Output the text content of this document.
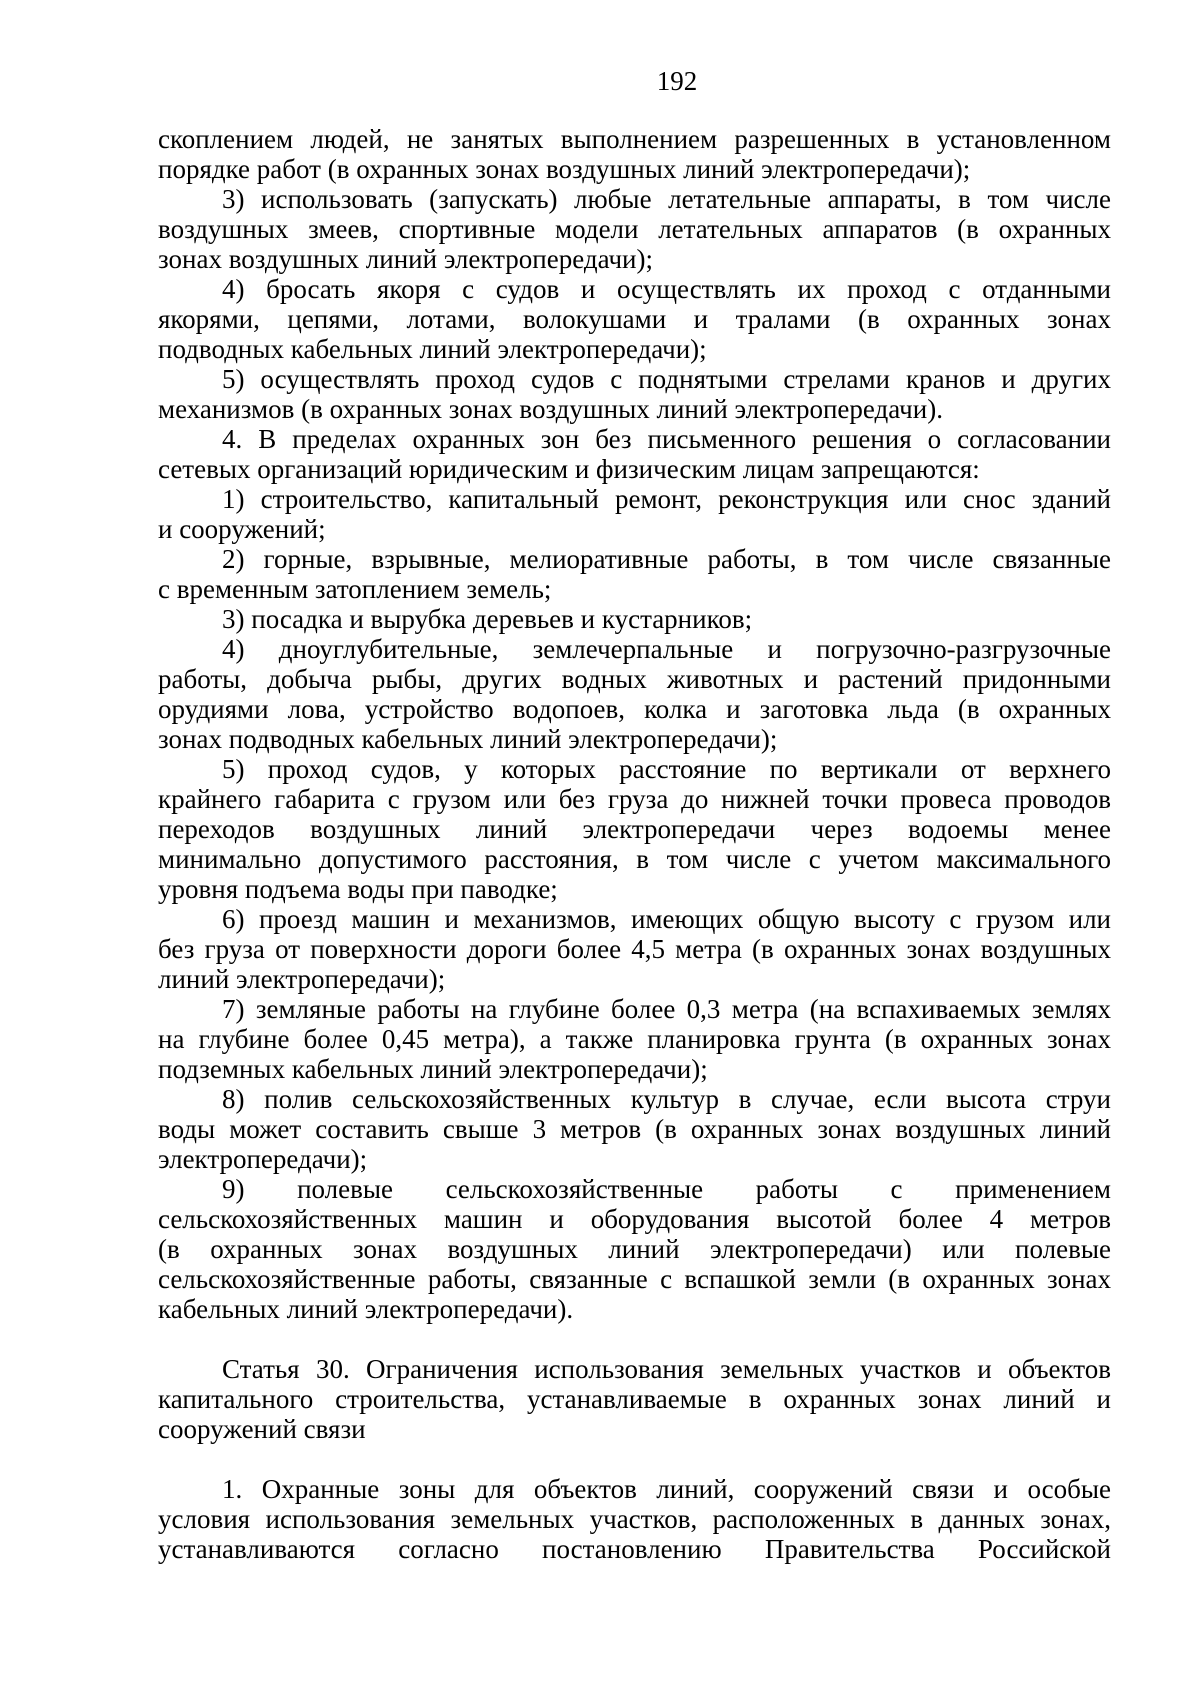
192
скоплением людей, не занятых выполнением разрешенных в установленном
порядке работ (в охранных зонах воздушных линий электропередачи);
3) использовать (запускать) любые летательные аппараты, в том числе
воздушных змеев, спортивные модели летательных аппаратов (в охранных
зонах воздушных линий электропередачи);
4) бросать якоря с судов и осуществлять их проход с отданными
якорями, цепями, лотами, волокушами и тралами (в охранных зонах
подводных кабельных линий электропередачи);
5) осуществлять проход судов с поднятыми стрелами кранов и других
механизмов (в охранных зонах воздушных линий электропередачи).
4. В пределах охранных зон без письменного решения о согласовании
сетевых организаций юридическим и физическим лицам запрещаются:
1) строительство, капитальный ремонт, реконструкция или снос зданий
и сооружений;
2) горные, взрывные, мелиоративные работы, в том числе связанные
с временным затоплением земель;
3) посадка и вырубка деревьев и кустарников;
4) дноуглубительные, землечерпальные и погрузочно-разгрузочные
работы, добыча рыбы, других водных животных и растений придонными
орудиями лова, устройство водопоев, колка и заготовка льда (в охранных
зонах подводных кабельных линий электропередачи);
5) проход судов, у которых расстояние по вертикали от верхнего
крайнего габарита с грузом или без груза до нижней точки провеса проводов
переходов воздушных линий электропередачи через водоемы менее
минимально допустимого расстояния, в том числе с учетом максимального
уровня подъема воды при паводке;
6) проезд машин и механизмов, имеющих общую высоту с грузом или
без груза от поверхности дороги более 4,5 метра (в охранных зонах воздушных
линий электропередачи);
7) земляные работы на глубине более 0,3 метра (на вспахиваемых землях
на глубине более 0,45 метра), а также планировка грунта (в охранных зонах
подземных кабельных линий электропередачи);
8) полив сельскохозяйственных культур в случае, если высота струи
воды может составить свыше 3 метров (в охранных зонах воздушных линий
электропередачи);
9) полевые сельскохозяйственные работы с применением
сельскохозяйственных машин и оборудования высотой более 4 метров
(в охранных зонах воздушных линий электропередачи) или полевые
сельскохозяйственные работы, связанные с вспашкой земли (в охранных зонах
кабельных линий электропередачи).
Статья 30. Ограничения использования земельных участков и объектов
капитального строительства, устанавливаемые в охранных зонах линий и
сооружений связи
1. Охранные зоны для объектов линий, сооружений связи и особые
условия использования земельных участков, расположенных в данных зонах,
устанавливаются согласно постановлению Правительства Российской
